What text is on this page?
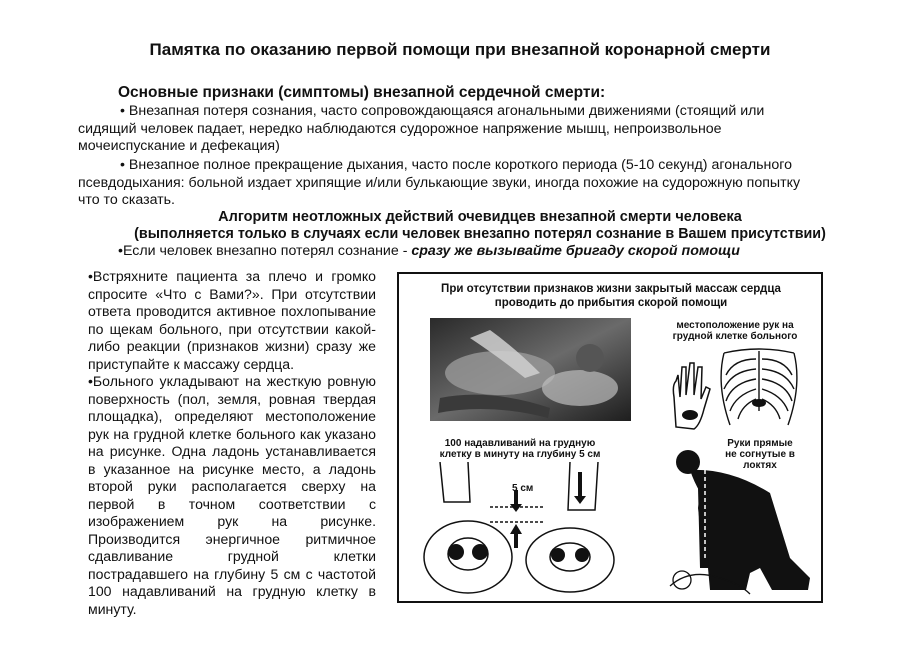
Памятка по оказанию первой помощи при внезапной коронарной смерти
Основные признаки (симптомы) внезапной сердечной смерти:
• Внезапная потеря сознания, часто сопровождающаяся агональными движениями (стоящий или сидящий человек падает, нередко наблюдаются судорожное напряжение мышц, непроизвольное мочеиспускание и дефекация)
• Внезапное полное прекращение дыхания, часто после короткого периода (5-10 секунд) агонального псевдодыхания: больной издает хрипящие и/или булькающие звуки, иногда похожие на судорожную попытку что то сказать.
Алгоритм неотложных действий очевидцев внезапной смерти человека
(выполняется только в случаях если человек внезапно потерял сознание в Вашем присутствии)
•Если человек внезапно потерял сознание - сразу же вызывайте бригаду скорой помощи

•Встряхните пациента за плечо и громко спросите «Что с Вами?». При отсутствии ответа проводится активное похлопывание по щекам больного, при отсутствии какой-либо реакции (признаков жизни) сразу же приступайте к массажу сердца.

•Больного укладывают на жесткую ровную поверхность (пол, земля, ровная твердая площадка), определяют местоположение рук на грудной клетке больного как указано на рисунке. Одна ладонь устанавливается в указанное на рисунке место, а ладонь второй руки располагается сверху на первой в точном соответствии с изображением рук на рисунке. Производится энергичное ритмичное сдавливание грудной клетки пострадавшего на глубину 5 см с частотой 100 надавливаний на грудную клетку в минуту.

При отсутствии признаков жизни закрытый массаж сердца проводить до прибытия скорой помощи
местоположение рук на грудной клетке больного
100 надавливаний на грудную клетку в минуту на глубину 5 см
5 см
Руки прямые не согнутые в локтях
